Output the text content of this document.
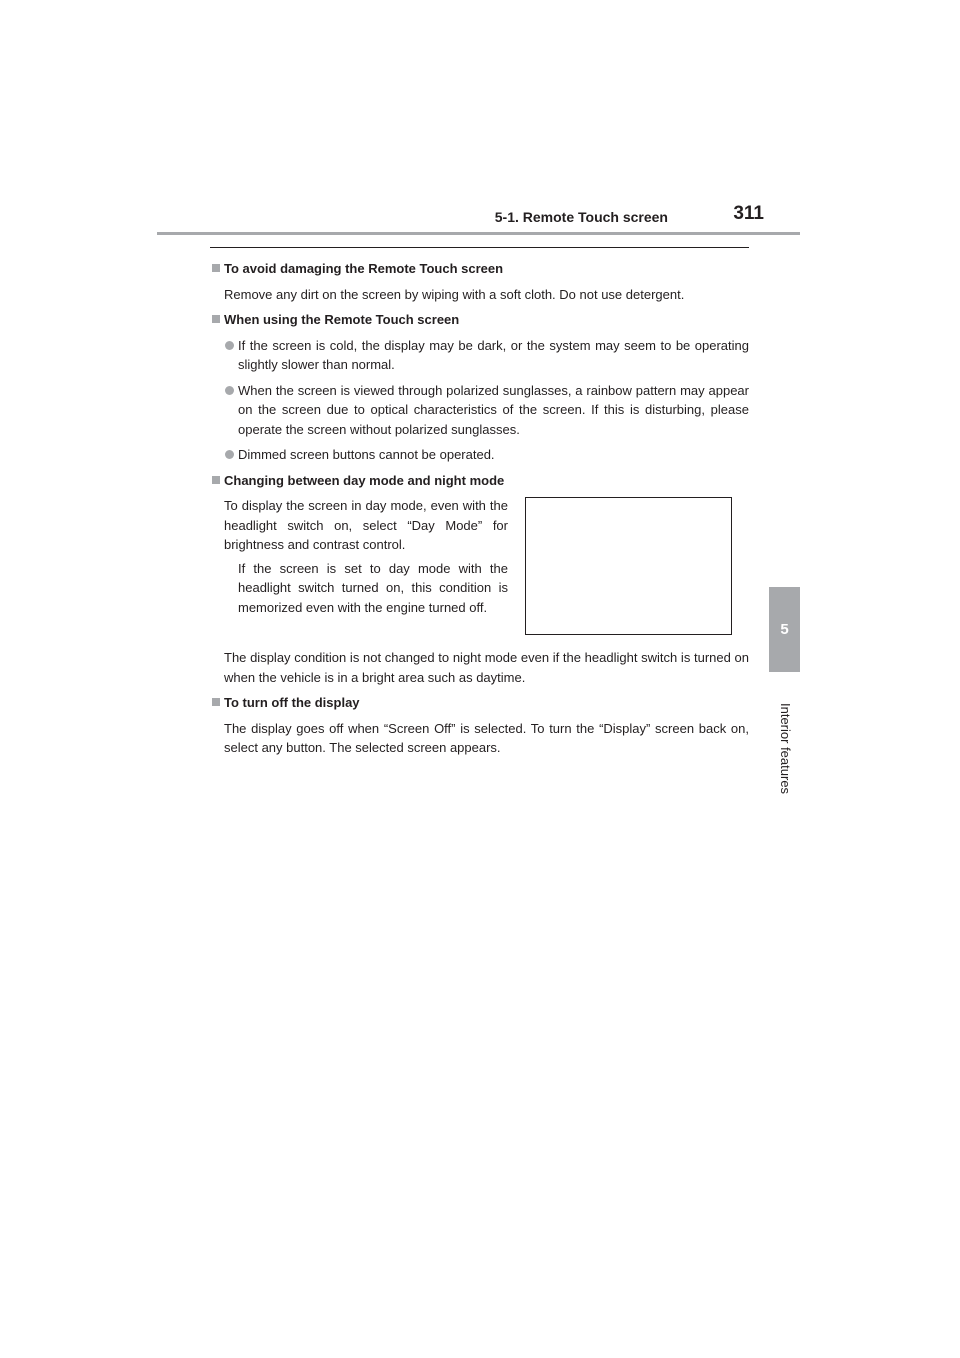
5-1. Remote Touch screen	311
5
Interior features
To avoid damaging the Remote Touch screen
Remove any dirt on the screen by wiping with a soft cloth. Do not use detergent.
When using the Remote Touch screen
If the screen is cold, the display may be dark, or the system may seem to be operating slightly slower than normal.
When the screen is viewed through polarized sunglasses, a rainbow pattern may appear on the screen due to optical characteristics of the screen. If this is disturbing, please operate the screen without polarized sunglasses.
Dimmed screen buttons cannot be operated.
Changing between day mode and night mode
To display the screen in day mode, even with the headlight switch on, select “Day Mode” for brightness and contrast control.
If the screen is set to day mode with the headlight switch turned on, this condition is memorized even with the engine turned off.
The display condition is not changed to night mode even if the headlight switch is turned on when the vehicle is in a bright area such as daytime.
To turn off the display
The display goes off when “Screen Off” is selected. To turn the “Display” screen back on, select any button. The selected screen appears.
